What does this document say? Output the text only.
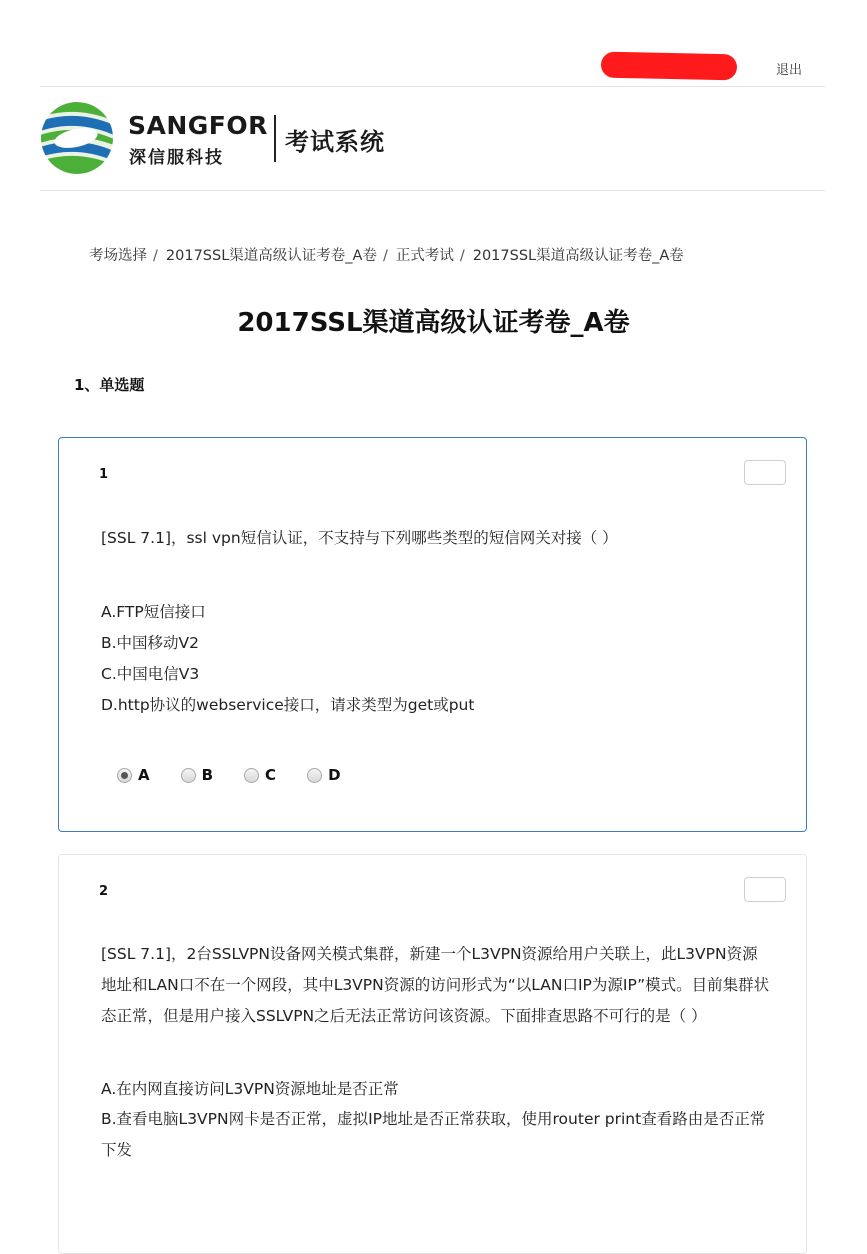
退出
SANGFOR
深信服科技
考试系统
考场选择 / 2017SSL渠道高级认证考卷_A卷 / 正式考试 / 2017SSL渠道高级认证考卷_A卷
2017SSL渠道高级认证考卷_A卷
1、单选题
1
[SSL 7.1]，ssl vpn短信认证，不支持与下列哪些类型的短信网关对接（ ）
A.FTP短信接口
B.中国移动V2
C.中国电信V3
D.http协议的webservice接口，请求类型为get或put
A	B	C	D
2
[SSL 7.1]，2台SSLVPN设备网关模式集群，新建一个L3VPN资源给用户关联上，此L3VPN资源地址和LAN口不在一个网段，其中L3VPN资源的访问形式为“以LAN口IP为源IP”模式。目前集群状态正常，但是用户接入SSLVPN之后无法正常访问该资源。下面排查思路不可行的是（ ）
A.在内网直接访问L3VPN资源地址是否正常
B.查看电脑L3VPN网卡是否正常，虚拟IP地址是否正常获取，使用router print查看路由是否正常下发
